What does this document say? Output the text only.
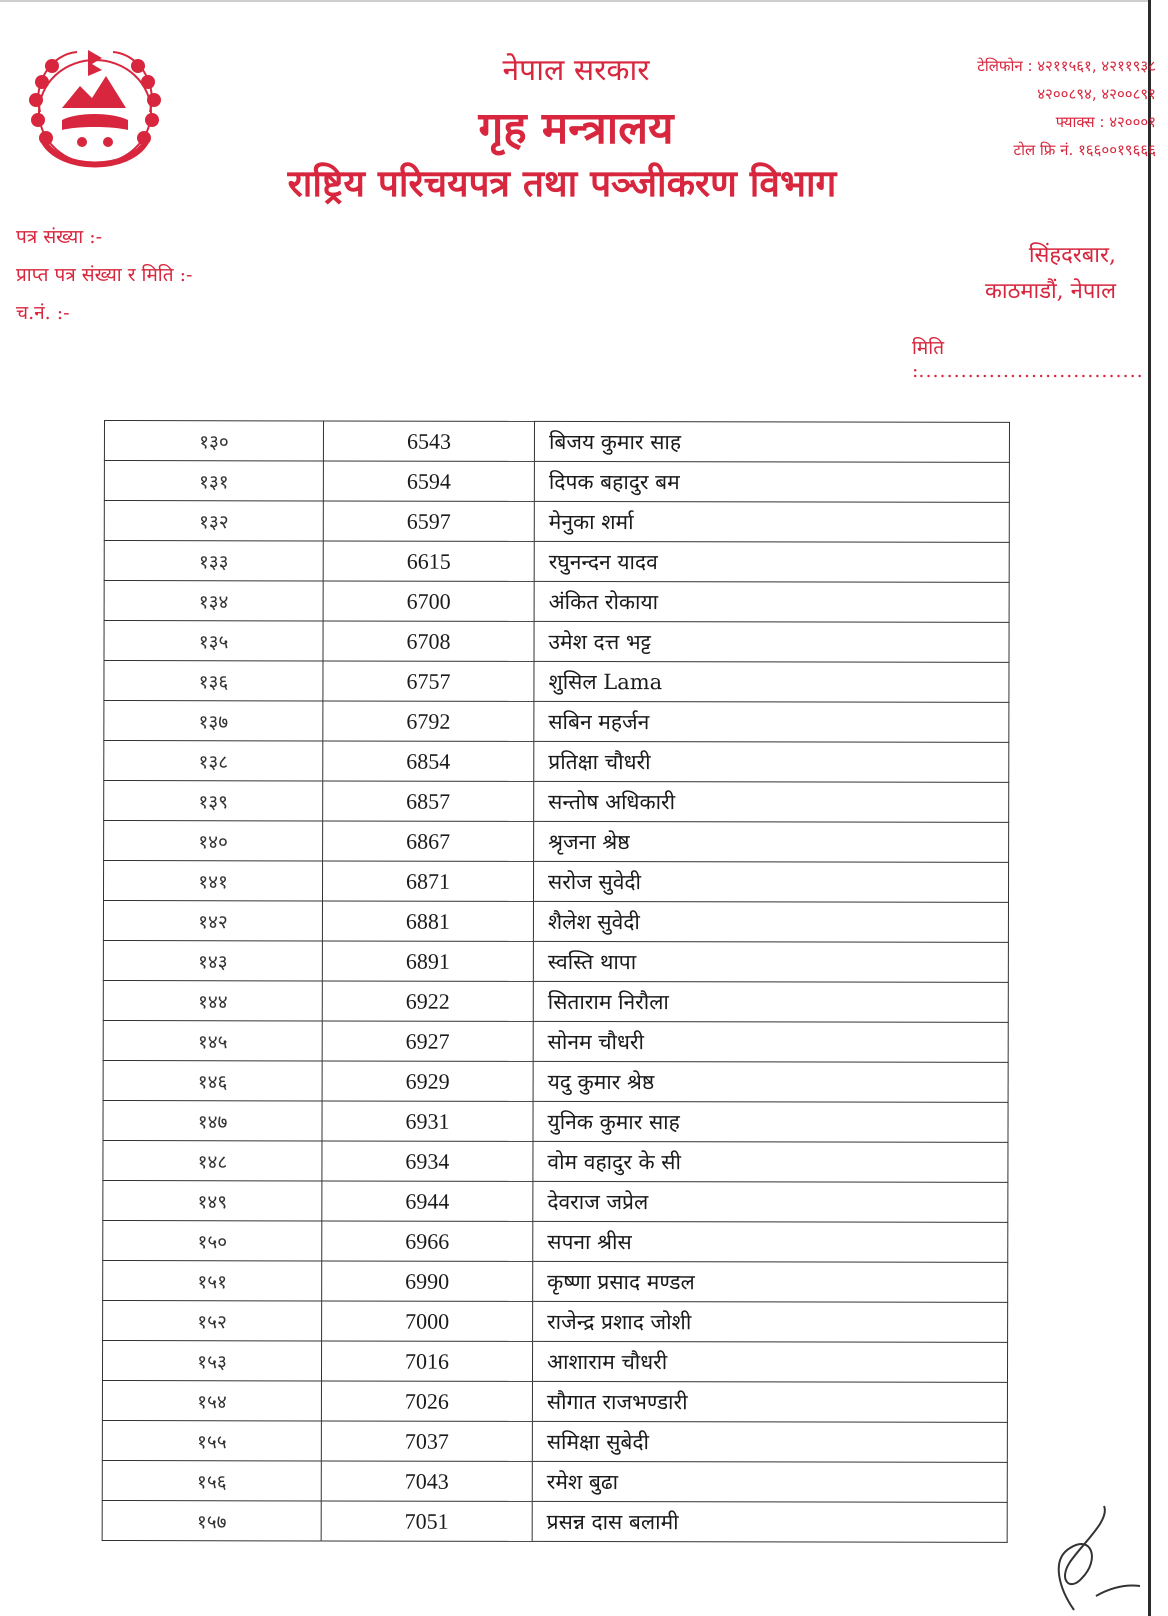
नेपाल सरकार
गृह मन्त्रालय
राष्ट्रिय परिचयपत्र तथा पञ्जीकरण विभाग
टेलिफोन : ४२११५६१, ४२११९३८
४२००८९४, ४२००८९१
फ्याक्स : ४२०००१
टोल फ्रि नं. १६६००१९६६६
पत्र संख्या :-
प्राप्त पत्र संख्या र मिति :-
च.नं. :-
सिंहदरबार,
काठमाडौं, नेपाल
मिति :................................
१३०	6543	बिजय कुमार साह
१३१	6594	दिपक बहादुर बम
१३२	6597	मेनुका शर्मा
१३३	6615	रघुनन्दन यादव
१३४	6700	अंकित रोकाया
१३५	6708	उमेश दत्त भट्ट
१३६	6757	शुसिल Lama
१३७	6792	सबिन महर्जन
१३८	6854	प्रतिक्षा चौधरी
१३९	6857	सन्तोष अधिकारी
१४०	6867	श्रृजना श्रेष्ठ
१४१	6871	सरोज सुवेदी
१४२	6881	शैलेश सुवेदी
१४३	6891	स्वस्ति थापा
१४४	6922	सिताराम निरौला
१४५	6927	सोनम चौधरी
१४६	6929	यदु कुमार श्रेष्ठ
१४७	6931	युनिक कुमार साह
१४८	6934	वोम वहादुर के सी
१४९	6944	देवराज जप्रेल
१५०	6966	सपना श्रीस
१५१	6990	कृष्णा प्रसाद मण्डल
१५२	7000	राजेन्द्र प्रशाद जोशी
१५३	7016	आशाराम चौधरी
१५४	7026	सौगात राजभण्डारी
१५५	7037	समिक्षा सुबेदी
१५६	7043	रमेश बुढा
१५७	7051	प्रसन्न दास बलामी
